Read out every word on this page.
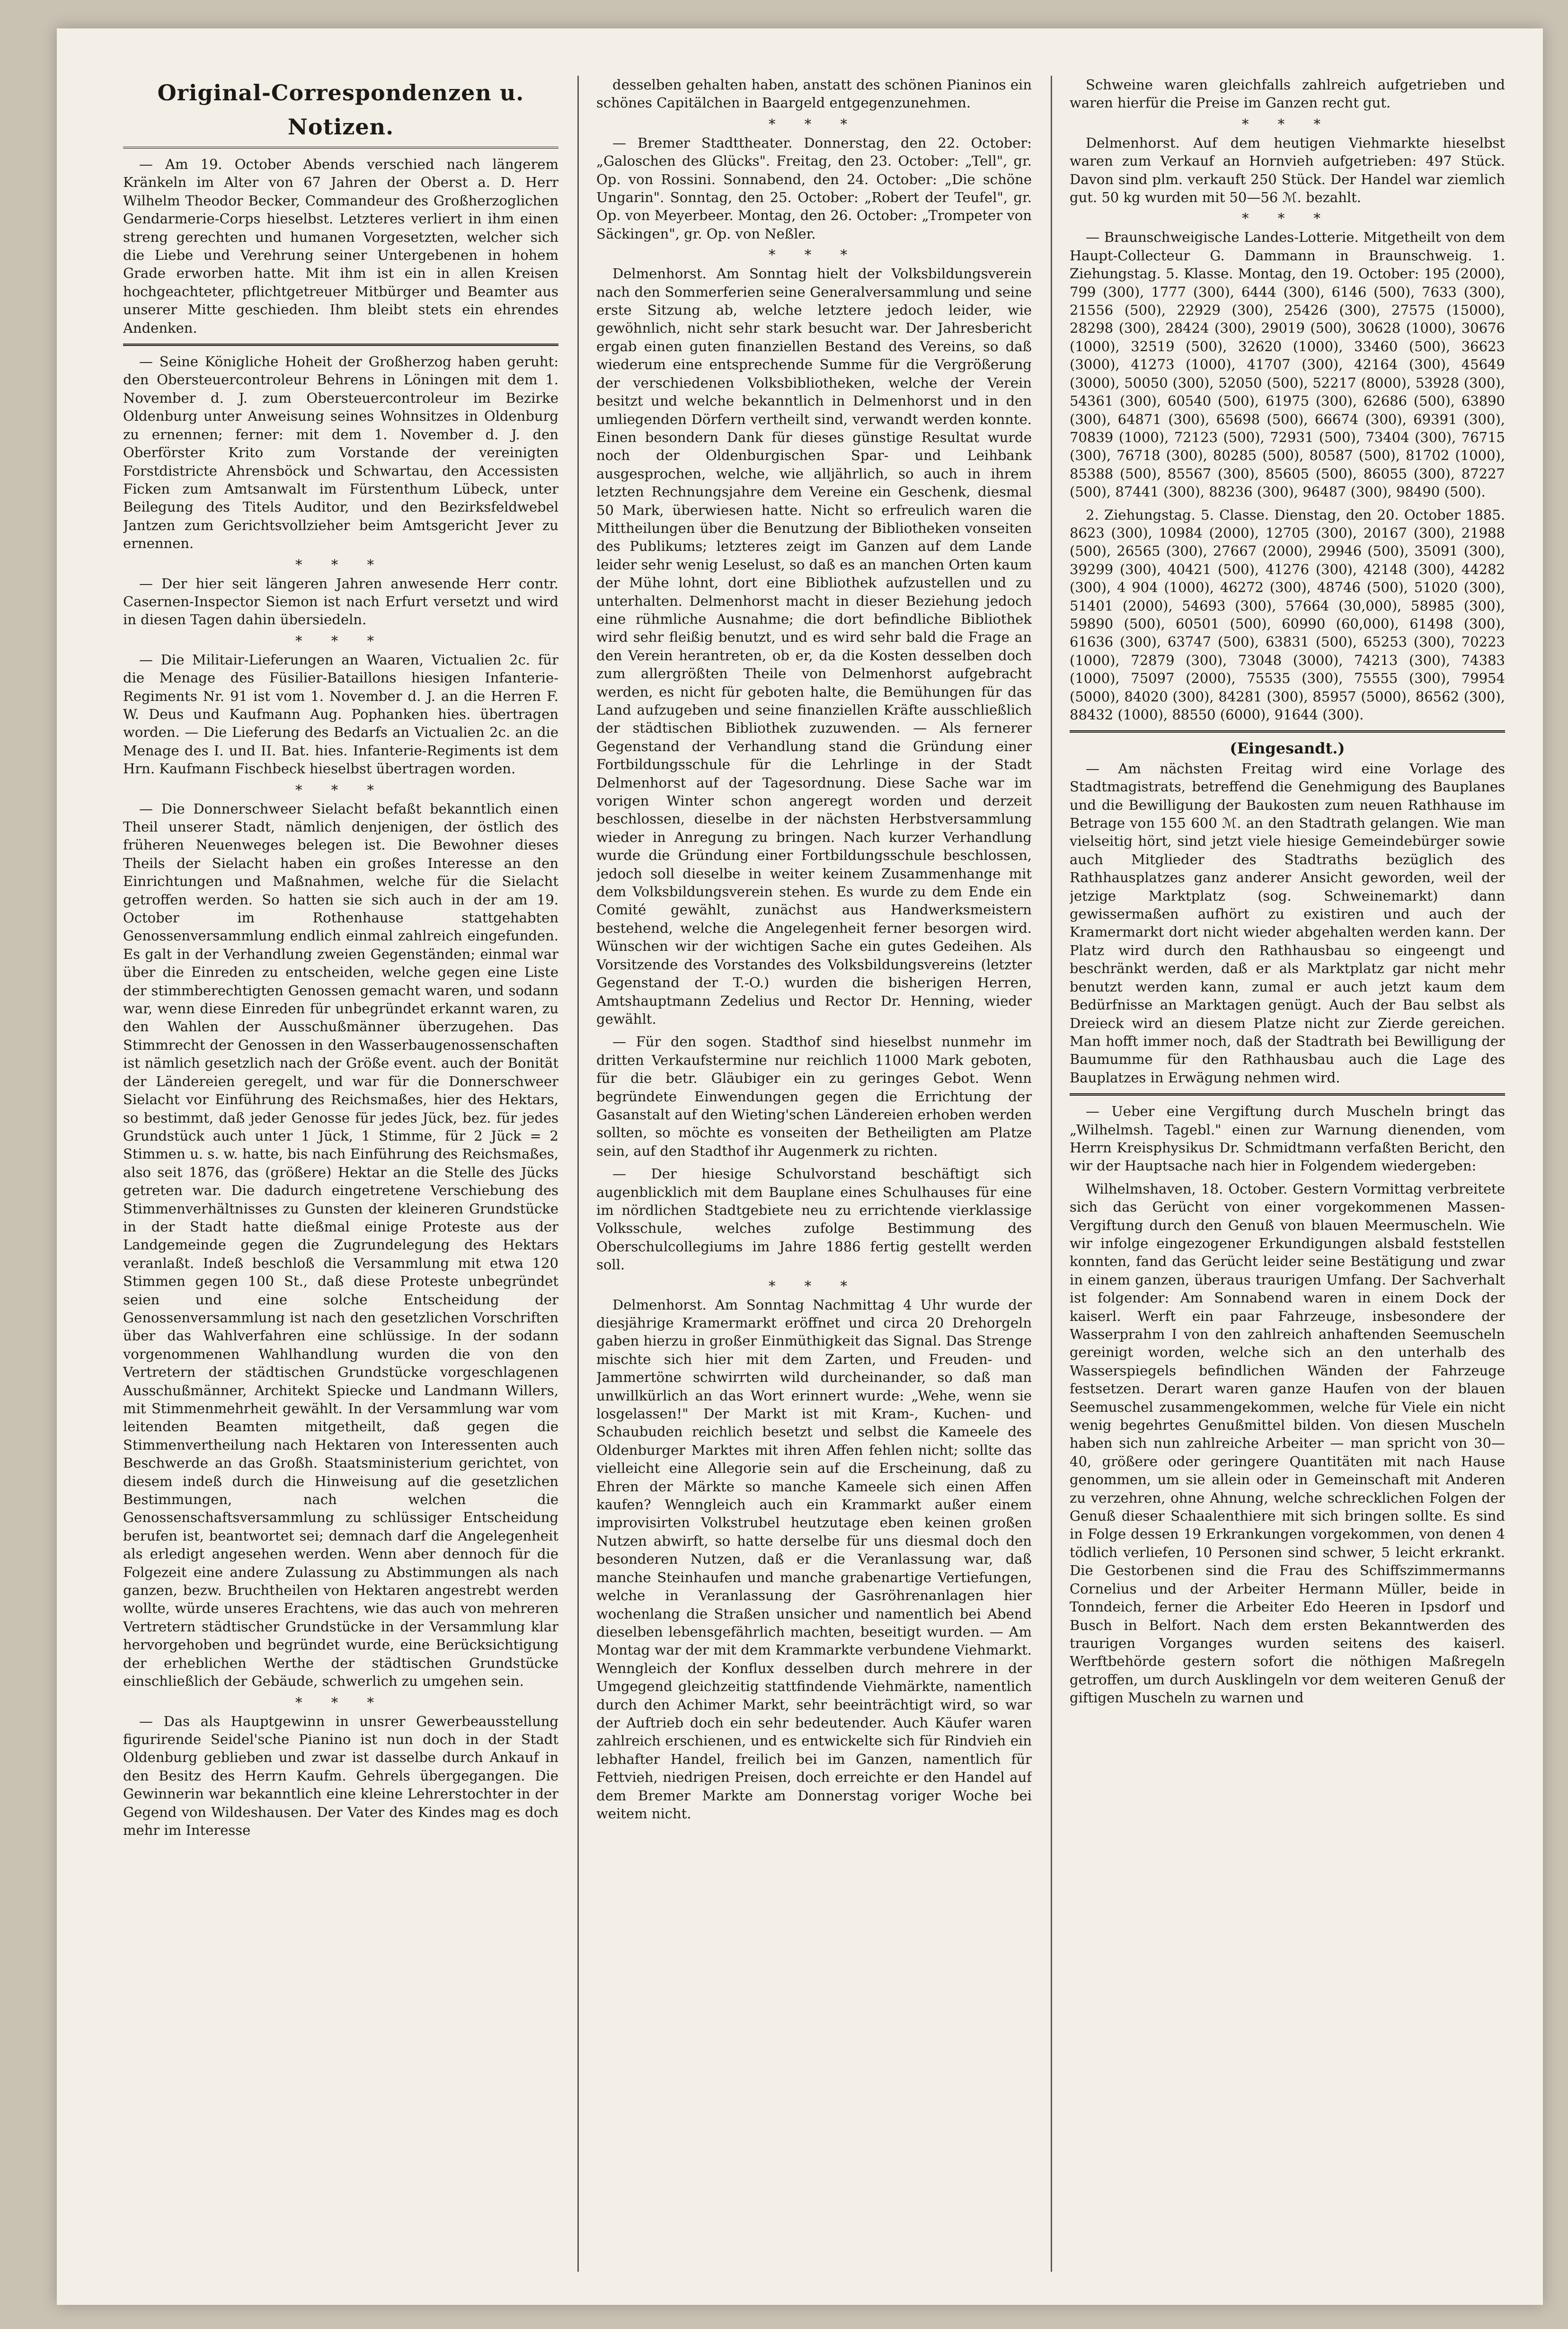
Original-Correspondenzen u. Notizen.

— Am 19. October Abends verschied nach längerem Kränkeln im Alter von 67 Jahren der Oberst a. D. Herr Wilhelm Theodor Becker, Commandeur des Großherzoglichen Gendarmerie-Corps hieselbst. Letzteres verliert in ihm einen streng gerechten und humanen Vorgesetzten, welcher sich die Liebe und Verehrung seiner Untergebenen in hohem Grade erworben hatte. Mit ihm ist ein in allen Kreisen hochgeachteter, pflichtgetreuer Mitbürger und Beamter aus unserer Mitte geschieden. Ihm bleibt stets ein ehrendes Andenken.

— Seine Königliche Hoheit der Großherzog haben geruht: den Obersteuercontroleur Behrens in Löningen mit dem 1. November d. J. zum Obersteuercontroleur im Bezirke Oldenburg unter Anweisung seines Wohnsitzes in Oldenburg zu ernennen; ferner: mit dem 1. November d. J. den Oberförster Krito zum Vorstande der vereinigten Forstdistricte Ahrensböck und Schwartau, den Accessisten Ficken zum Amtsanwalt im Fürstenthum Lübeck, unter Beilegung des Titels Auditor, und den Bezirksfeldwebel Jantzen zum Gerichtsvollzieher beim Amtsgericht Jever zu ernennen.

* * *

— Der hier seit längeren Jahren anwesende Herr contr. Casernen-Inspector Siemon ist nach Erfurt versetzt und wird in diesen Tagen dahin übersiedeln.

* * *

— Die Militair-Lieferungen an Waaren, Victualien 2c. für die Menage des Füsilier-Bataillons hiesigen Infanterie-Regiments Nr. 91 ist vom 1. November d. J. an die Herren F. W. Deus und Kaufmann Aug. Pophanken hies. übertragen worden. — Die Lieferung des Bedarfs an Victualien 2c. an die Menage des I. und II. Bat. hies. Infanterie-Regiments ist dem Hrn. Kaufmann Fischbeck hieselbst übertragen worden.

* * *

— Die Donnerschweer Sielacht befaßt bekanntlich einen Theil unserer Stadt, nämlich denjenigen, der östlich des früheren Neuenweges belegen ist. Die Bewohner dieses Theils der Sielacht haben ein großes Interesse an den Einrichtungen und Maßnahmen, welche für die Sielacht getroffen werden. So hatten sie sich auch in der am 19. October im Rothenhause stattgehabten Genossenversammlung endlich einmal zahlreich eingefunden. Es galt in der Verhandlung zweien Gegenständen; einmal war über die Einreden zu entscheiden, welche gegen eine Liste der stimmberechtigten Genossen gemacht waren, und sodann war, wenn diese Einreden für unbegründet erkannt waren, zu den Wahlen der Ausschußmänner überzugehen. Das Stimmrecht der Genossen in den Wasserbaugenossenschaften ist nämlich gesetzlich nach der Größe event. auch der Bonität der Ländereien geregelt, und war für die Donnerschweer Sielacht vor Einführung des Reichsmaßes, hier des Hektars, so bestimmt, daß jeder Genosse für jedes Jück, bez. für jedes Grundstück auch unter 1 Jück, 1 Stimme, für 2 Jück = 2 Stimmen u. s. w. hatte, bis nach Einführung des Reichsmaßes, also seit 1876, das (größere) Hektar an die Stelle des Jücks getreten war. Die dadurch eingetretene Verschiebung des Stimmenverhältnisses zu Gunsten der kleineren Grundstücke in der Stadt hatte dießmal einige Proteste aus der Landgemeinde gegen die Zugrundelegung des Hektars veranlaßt. Indeß beschloß die Versammlung mit etwa 120 Stimmen gegen 100 St., daß diese Proteste unbegründet seien und eine solche Entscheidung der Genossenversammlung ist nach den gesetzlichen Vorschriften über das Wahlverfahren eine schlüssige. In der sodann vorgenommenen Wahlhandlung wurden die von den Vertretern der städtischen Grundstücke vorgeschlagenen Ausschußmänner, Architekt Spiecke und Landmann Willers, mit Stimmenmehrheit gewählt. In der Versammlung war vom leitenden Beamten mitgetheilt, daß gegen die Stimmenvertheilung nach Hektaren von Interessenten auch Beschwerde an das Großh. Staatsministerium gerichtet, von diesem indeß durch die Hinweisung auf die gesetzlichen Bestimmungen, nach welchen die Genossenschaftsversammlung zu schlüssiger Entscheidung berufen ist, beantwortet sei; demnach darf die Angelegenheit als erledigt angesehen werden. Wenn aber dennoch für die Folgezeit eine andere Zulassung zu Abstimmungen als nach ganzen, bezw. Bruchtheilen von Hektaren angestrebt werden wollte, würde unseres Erachtens, wie das auch von mehreren Vertretern städtischer Grundstücke in der Versammlung klar hervorgehoben und begründet wurde, eine Berücksichtigung der erheblichen Werthe der städtischen Grundstücke einschließlich der Gebäude, schwerlich zu umgehen sein.

* * *

— Das als Hauptgewinn in unsrer Gewerbeausstellung figurirende Seidel'sche Pianino ist nun doch in der Stadt Oldenburg geblieben und zwar ist dasselbe durch Ankauf in den Besitz des Herrn Kaufm. Gehrels übergegangen. Die Gewinnerin war bekanntlich eine kleine Lehrerstochter in der Gegend von Wildeshausen. Der Vater des Kindes mag es doch mehr im Interesse

desselben gehalten haben, anstatt des schönen Pianinos ein schönes Capitälchen in Baargeld entgegenzunehmen.

* * *

— Bremer Stadttheater. Donnerstag, den 22. October: „Galoschen des Glücks". Freitag, den 23. October: „Tell", gr. Op. von Rossini. Sonnabend, den 24. October: „Die schöne Ungarin". Sonntag, den 25. October: „Robert der Teufel", gr. Op. von Meyerbeer. Montag, den 26. October: „Trompeter von Säckingen", gr. Op. von Neßler.

* * *

Delmenhorst. Am Sonntag hielt der Volksbildungsverein nach den Sommerferien seine Generalversammlung und seine erste Sitzung ab, welche letztere jedoch leider, wie gewöhnlich, nicht sehr stark besucht war. Der Jahresbericht ergab einen guten finanziellen Bestand des Vereins, so daß wiederum eine entsprechende Summe für die Vergrößerung der verschiedenen Volksbibliotheken, welche der Verein besitzt und welche bekanntlich in Delmenhorst und in den umliegenden Dörfern vertheilt sind, verwandt werden konnte. Einen besondern Dank für dieses günstige Resultat wurde noch der Oldenburgischen Spar- und Leihbank ausgesprochen, welche, wie alljährlich, so auch in ihrem letzten Rechnungsjahre dem Vereine ein Geschenk, diesmal 50 Mark, überwiesen hatte. Nicht so erfreulich waren die Mittheilungen über die Benutzung der Bibliotheken vonseiten des Publikums; letzteres zeigt im Ganzen auf dem Lande leider sehr wenig Leselust, so daß es an manchen Orten kaum der Mühe lohnt, dort eine Bibliothek aufzustellen und zu unterhalten. Delmenhorst macht in dieser Beziehung jedoch eine rühmliche Ausnahme; die dort befindliche Bibliothek wird sehr fleißig benutzt, und es wird sehr bald die Frage an den Verein herantreten, ob er, da die Kosten desselben doch zum allergrößten Theile von Delmenhorst aufgebracht werden, es nicht für geboten halte, die Bemühungen für das Land aufzugeben und seine finanziellen Kräfte ausschließlich der städtischen Bibliothek zuzuwenden. — Als fernerer Gegenstand der Verhandlung stand die Gründung einer Fortbildungsschule für die Lehrlinge in der Stadt Delmenhorst auf der Tagesordnung. Diese Sache war im vorigen Winter schon angeregt worden und derzeit beschlossen, dieselbe in der nächsten Herbstversammlung wieder in Anregung zu bringen. Nach kurzer Verhandlung wurde die Gründung einer Fortbildungsschule beschlossen, jedoch soll dieselbe in weiter keinem Zusammenhange mit dem Volksbildungsverein stehen. Es wurde zu dem Ende ein Comité gewählt, zunächst aus Handwerksmeistern bestehend, welche die Angelegenheit ferner besorgen wird. Wünschen wir der wichtigen Sache ein gutes Gedeihen. Als Vorsitzende des Vorstandes des Volksbildungsvereins (letzter Gegenstand der T.-O.) wurden die bisherigen Herren, Amtshauptmann Zedelius und Rector Dr. Henning, wieder gewählt.

— Für den sogen. Stadthof sind hieselbst nunmehr im dritten Verkaufstermine nur reichlich 11000 Mark geboten, für die betr. Gläubiger ein zu geringes Gebot. Wenn begründete Einwendungen gegen die Errichtung der Gasanstalt auf den Wieting'schen Ländereien erhoben werden sollten, so möchte es vonseiten der Betheiligten am Platze sein, auf den Stadthof ihr Augenmerk zu richten.

— Der hiesige Schulvorstand beschäftigt sich augenblicklich mit dem Bauplane eines Schulhauses für eine im nördlichen Stadtgebiete neu zu errichtende vierklassige Volksschule, welches zufolge Bestimmung des Oberschulcollegiums im Jahre 1886 fertig gestellt werden soll.

* * *

Delmenhorst. Am Sonntag Nachmittag 4 Uhr wurde der diesjährige Kramermarkt eröffnet und circa 20 Drehorgeln gaben hierzu in großer Einmüthigkeit das Signal. Das Strenge mischte sich hier mit dem Zarten, und Freuden- und Jammertöne schwirrten wild durcheinander, so daß man unwillkürlich an das Wort erinnert wurde: „Wehe, wenn sie losgelassen!" Der Markt ist mit Kram-, Kuchen- und Schaubuden reichlich besetzt und selbst die Kameele des Oldenburger Marktes mit ihren Affen fehlen nicht; sollte das vielleicht eine Allegorie sein auf die Erscheinung, daß zu Ehren der Märkte so manche Kameele sich einen Affen kaufen? Wenngleich auch ein Krammarkt außer einem improvisirten Volkstrubel heutzutage eben keinen großen Nutzen abwirft, so hatte derselbe für uns diesmal doch den besonderen Nutzen, daß er die Veranlassung war, daß manche Steinhaufen und manche grabenartige Vertiefungen, welche in Veranlassung der Gasröhrenanlagen hier wochenlang die Straßen unsicher und namentlich bei Abend dieselben lebensgefährlich machten, beseitigt wurden. — Am Montag war der mit dem Krammarkte verbundene Viehmarkt. Wenngleich der Konflux desselben durch mehrere in der Umgegend gleichzeitig stattfindende Viehmärkte, namentlich durch den Achimer Markt, sehr beeinträchtigt wird, so war der Auftrieb doch ein sehr bedeutender. Auch Käufer waren zahlreich erschienen, und es entwickelte sich für Rindvieh ein lebhafter Handel, freilich bei im Ganzen, namentlich für Fettvieh, niedrigen Preisen, doch erreichte er den Handel auf dem Bremer Markte am Donnerstag voriger Woche bei weitem nicht.

Schweine waren gleichfalls zahlreich aufgetrieben und waren hierfür die Preise im Ganzen recht gut.

* * *

Delmenhorst. Auf dem heutigen Viehmarkte hieselbst waren zum Verkauf an Hornvieh aufgetrieben: 497 Stück. Davon sind plm. verkauft 250 Stück. Der Handel war ziemlich gut. 50 kg wurden mit 50—56 ℳ. bezahlt.

* * *

— Braunschweigische Landes-Lotterie. Mitgetheilt von dem Haupt-Collecteur G. Dammann in Braunschweig. 1. Ziehungstag. 5. Klasse. Montag, den 19. October: 195 (2000), 799 (300), 1777 (300), 6444 (300), 6146 (500), 7633 (300), 21556 (500), 22929 (300), 25426 (300), 27575 (15000), 28298 (300), 28424 (300), 29019 (500), 30628 (1000), 30676 (1000), 32519 (500), 32620 (1000), 33460 (500), 36623 (3000), 41273 (1000), 41707 (300), 42164 (300), 45649 (3000), 50050 (300), 52050 (500), 52217 (8000), 53928 (300), 54361 (300), 60540 (500), 61975 (300), 62686 (500), 63890 (300), 64871 (300), 65698 (500), 66674 (300), 69391 (300), 70839 (1000), 72123 (500), 72931 (500), 73404 (300), 76715 (300), 76718 (300), 80285 (500), 80587 (500), 81702 (1000), 85388 (500), 85567 (300), 85605 (500), 86055 (300), 87227 (500), 87441 (300), 88236 (300), 96487 (300), 98490 (500).

2. Ziehungstag. 5. Classe. Dienstag, den 20. October 1885. 8623 (300), 10984 (2000), 12705 (300), 20167 (300), 21988 (500), 26565 (300), 27667 (2000), 29946 (500), 35091 (300), 39299 (300), 40421 (500), 41276 (300), 42148 (300), 44282 (300), 4 904 (1000), 46272 (300), 48746 (500), 51020 (300), 51401 (2000), 54693 (300), 57664 (30,000), 58985 (300), 59890 (500), 60501 (500), 60990 (60,000), 61498 (300), 61636 (300), 63747 (500), 63831 (500), 65253 (300), 70223 (1000), 72879 (300), 73048 (3000), 74213 (300), 74383 (1000), 75097 (2000), 75535 (300), 75555 (300), 79954 (5000), 84020 (300), 84281 (300), 85957 (5000), 86562 (300), 88432 (1000), 88550 (6000), 91644 (300).

(Eingesandt.)

— Am nächsten Freitag wird eine Vorlage des Stadtmagistrats, betreffend die Genehmigung des Bauplanes und die Bewilligung der Baukosten zum neuen Rathhause im Betrage von 155 600 ℳ. an den Stadtrath gelangen. Wie man vielseitig hört, sind jetzt viele hiesige Gemeindebürger sowie auch Mitglieder des Stadtraths bezüglich des Rathhausplatzes ganz anderer Ansicht geworden, weil der jetzige Marktplatz (sog. Schweinemarkt) dann gewissermaßen aufhört zu existiren und auch der Kramermarkt dort nicht wieder abgehalten werden kann. Der Platz wird durch den Rathhausbau so eingeengt und beschränkt werden, daß er als Marktplatz gar nicht mehr benutzt werden kann, zumal er auch jetzt kaum dem Bedürfnisse an Marktagen genügt. Auch der Bau selbst als Dreieck wird an diesem Platze nicht zur Zierde gereichen. Man hofft immer noch, daß der Stadtrath bei Bewilligung der Baumumme für den Rathhausbau auch die Lage des Bauplatzes in Erwägung nehmen wird.

— Ueber eine Vergiftung durch Muscheln bringt das „Wilhelmsh. Tagebl." einen zur Warnung dienenden, vom Herrn Kreisphysikus Dr. Schmidtmann verfaßten Bericht, den wir der Hauptsache nach hier in Folgendem wiedergeben:

Wilhelmshaven, 18. October. Gestern Vormittag verbreitete sich das Gerücht von einer vorgekommenen Massen-Vergiftung durch den Genuß von blauen Meermuscheln. Wie wir infolge eingezogener Erkundigungen alsbald feststellen konnten, fand das Gerücht leider seine Bestätigung und zwar in einem ganzen, überaus traurigen Umfang. Der Sachverhalt ist folgender: Am Sonnabend waren in einem Dock der kaiserl. Werft ein paar Fahrzeuge, insbesondere der Wasserprahm I von den zahlreich anhaftenden Seemuscheln gereinigt worden, welche sich an den unterhalb des Wasserspiegels befindlichen Wänden der Fahrzeuge festsetzen. Derart waren ganze Haufen von der blauen Seemuschel zusammengekommen, welche für Viele ein nicht wenig begehrtes Genußmittel bilden. Von diesen Muscheln haben sich nun zahlreiche Arbeiter — man spricht von 30—40, größere oder geringere Quantitäten mit nach Hause genommen, um sie allein oder in Gemeinschaft mit Anderen zu verzehren, ohne Ahnung, welche schrecklichen Folgen der Genuß dieser Schaalenthiere mit sich bringen sollte. Es sind in Folge dessen 19 Erkrankungen vorgekommen, von denen 4 tödlich verliefen, 10 Personen sind schwer, 5 leicht erkrankt. Die Gestorbenen sind die Frau des Schiffszimmermanns Cornelius und der Arbeiter Hermann Müller, beide in Tonndeich, ferner die Arbeiter Edo Heeren in Ipsdorf und Busch in Belfort. Nach dem ersten Bekanntwerden des traurigen Vorganges wurden seitens des kaiserl. Werftbehörde gestern sofort die nöthigen Maßregeln getroffen, um durch Ausklingeln vor dem weiteren Genuß der giftigen Muscheln zu warnen und
